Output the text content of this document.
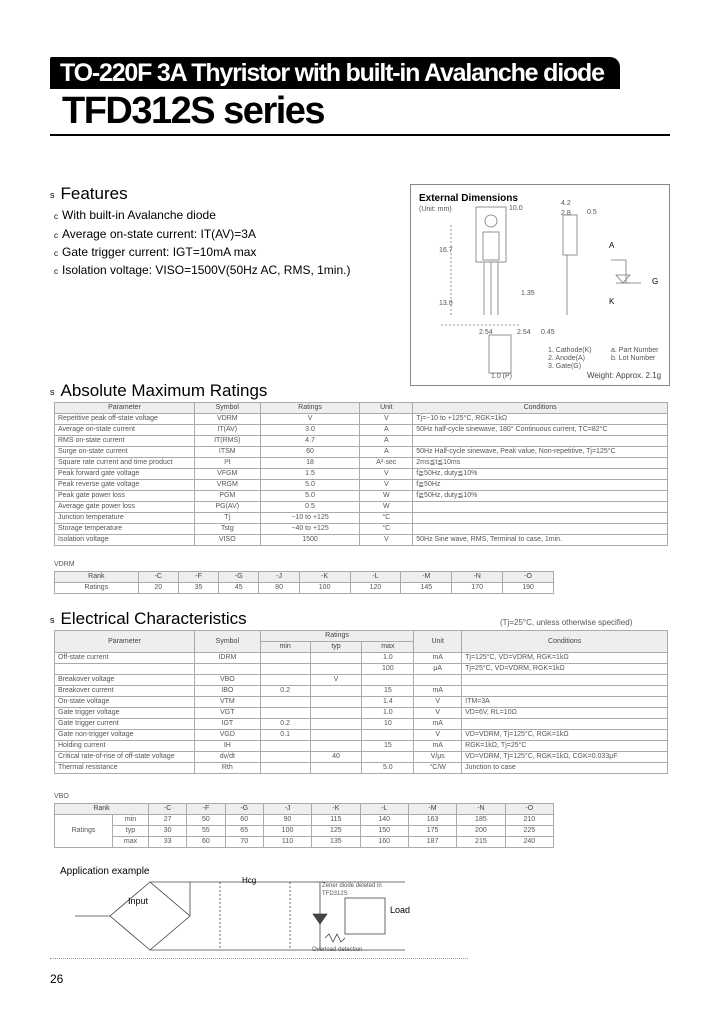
TO-220F 3A Thyristor with built-in Avalanche diode
TFD312S series
s Features
c With built-in Avalanche diode
c Average on-state current: IT(AV)=3A
c Gate trigger current: IGT=10mA max
c Isolation voltage: VISO=1500V(50Hz AC, RMS, 1min.)
External Dimensions
(Unit: mm)
4.2
2.8 0.5
10.0
16.7
13.0
1.35
2.54	2.54 0.45
1.0 (P)
1. Cathode(K)
2. Anode(A)
3. Gate(G)
a. Part Number
b. Lot Number
A
G
K
Weight: Approx. 2.1g
s Absolute Maximum Ratings
Parameter	Symbol	Ratings	Unit	Conditions
Repetitive peak off-state voltage	VDRM	V	V	Tj=−10 to +125°C, RGK=1kΩ
Average on-state current	IT(AV)	3.0	A	50Hz half-cycle sinewave, 180° Continuous current, TC=82°C
RMS on-state current	IT(RMS)	4.7	A	
Surge on-state current	ITSM	60	A	50Hz Half-cycle sinewave, Peak value, Non-repetitive, Tj=125°C
Square rate current and time product	I²t	18	A²·sec	2ms≦t≦10ms
Peak forward gate voltage	VFGM	1.5	V	f≧50Hz, duty≦10%
Peak reverse gate voltage	VRGM	5.0	V	f≧50Hz
Peak gate power loss	PGM	5.0	W	f≧50Hz, duty≦10%
Average gate power loss	PG(AV)	0.5	W	
Junction temperature	Tj	−10 to +125	°C	
Storage temperature	Tstg	−40 to +125	°C	
Isolation voltage	VISO	1500	V	50Hz Sine wave, RMS, Terminal to case, 1min.
VDRM
Rank	-C	-F	-G	-J	-K	-L	-M	-N	-O
Ratings	20	35	45	80	100	120	145	170	190
s Electrical Characteristics	(Tj=25°C, unless otherwise specified)
Parameter	Symbol	Ratings			Unit	Conditions
		min	typ	max		
Off-state current	IDRM			1.0	mA	Tj=125°C, VD=VDRM, RGK=1kΩ
				100	μA	Tj=25°C, VD=VDRM, RGK=1kΩ
Breakover voltage	VBO		V			
Breakover current	IBO	0.2		15	mA	
On-state voltage	VTM			1.4	V	ITM=3A
Gate trigger voltage	VGT			1.0	V	VD=6V, RL=10Ω
Gate trigger current	IGT	0.2		10	mA	
Gate non-trigger voltage	VGD	0.1			V	VD=VDRM, Tj=125°C, RGK=1kΩ
Holding current	IH			15	mA	RGK=1kΩ, Tj=25°C
Critical rate-of-rise of off-state voltage	dv/dt		40		V/μs	VD=VDRM, Tj=125°C, RGK=1kΩ, CGK=0.033μF
Thermal resistance	Rth			5.0	°C/W	Junction to case
VBO
Rank		-C	-F	-G	-J	-K	-L	-M	-N	-O
Ratings	min	27	50	60	90	115	140	163	185	210
	typ	30	55	65	100	125	150	175	200	225
	max	33	60	70	110	135	160	187	215	240
Application example
Input
Hcg
Load
Zener diode deleted in TFD312S
Overload detection
26
